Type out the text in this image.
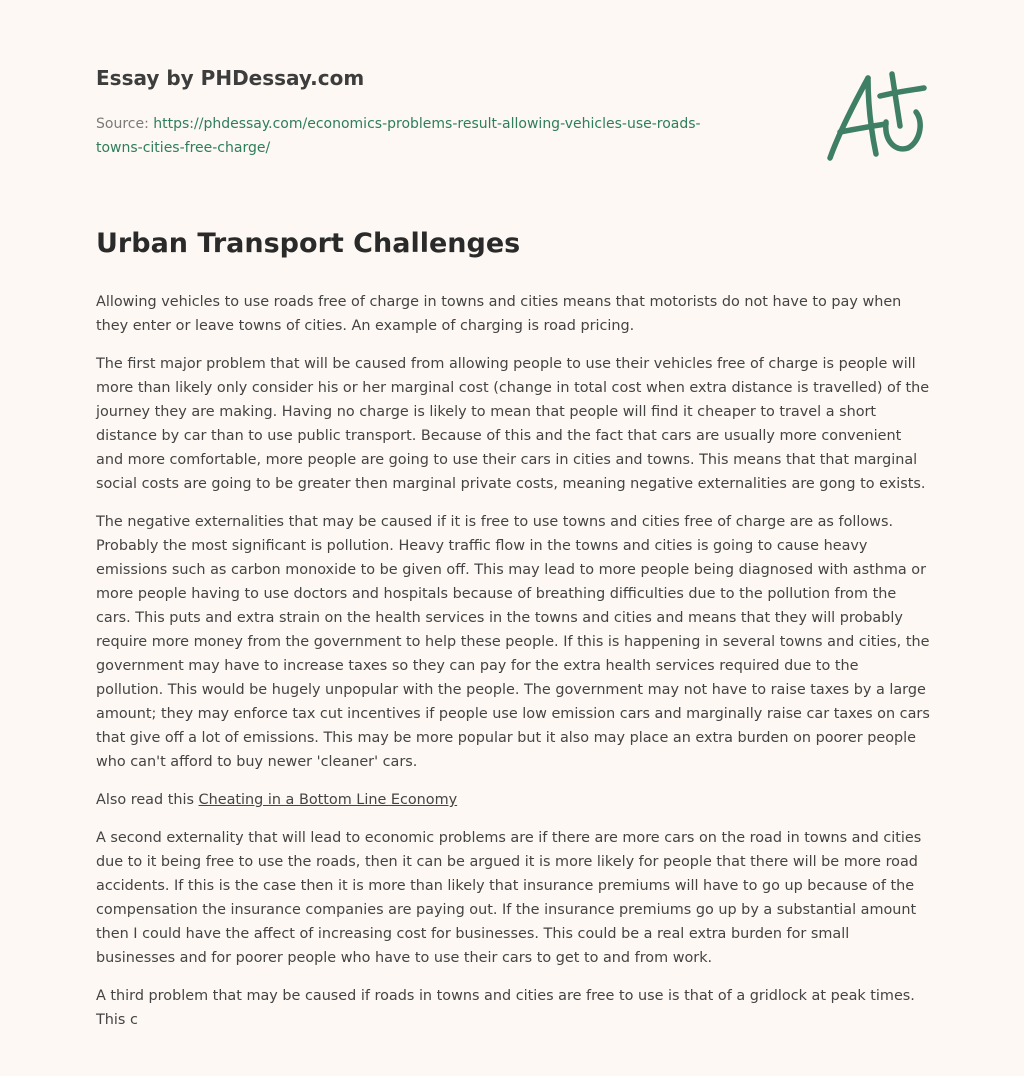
Essay by PHDessay.com
Source: https://phdessay.com/economics-problems-result-allowing-vehicles-use-roads-
towns-cities-free-charge/
Urban Transport Challenges

Allowing vehicles to use roads free of charge in towns and cities means that motorists do not have to pay when they enter or leave towns of cities. An example of charging is road pricing.

The first major problem that will be caused from allowing people to use their vehicles free of charge is people will more than likely only consider his or her marginal cost (change in total cost when extra distance is travelled) of the journey they are making. Having no charge is likely to mean that people will find it cheaper to travel a short distance by car than to use public transport. Because of this and the fact that cars are usually more convenient and more comfortable, more people are going to use their cars in cities and towns. This means that that marginal social costs are going to be greater then marginal private costs, meaning negative externalities are gong to exists.

The negative externalities that may be caused if it is free to use towns and cities free of charge are as follows. Probably the most significant is pollution. Heavy traffic flow in the towns and cities is going to cause heavy emissions such as carbon monoxide to be given off. This may lead to more people being diagnosed with asthma or more people having to use doctors and hospitals because of breathing difficulties due to the pollution from the cars. This puts and extra strain on the health services in the towns and cities and means that they will probably require more money from the government to help these people. If this is happening in several towns and cities, the government may have to increase taxes so they can pay for the extra health services required due to the pollution. This would be hugely unpopular with the people. The government may not have to raise taxes by a large amount; they may enforce tax cut incentives if people use low emission cars and marginally raise car taxes on cars that give off a lot of emissions. This may be more popular but it also may place an extra burden on poorer people who can't afford to buy newer 'cleaner' cars.

Also read this Cheating in a Bottom Line Economy

A second externality that will lead to economic problems are if there are more cars on the road in towns and cities due to it being free to use the roads, then it can be argued it is more likely for people that there will be more road accidents. If this is the case then it is more than likely that insurance premiums will have to go up because of the compensation the insurance companies are paying out. If the insurance premiums go up by a substantial amount then I could have the affect of increasing cost for businesses. This could be a real extra burden for small businesses and for poorer people who have to use their cars to get to and from work.

A third problem that may be caused if roads in towns and cities are free to use is that of a gridlock at peak times. This c
